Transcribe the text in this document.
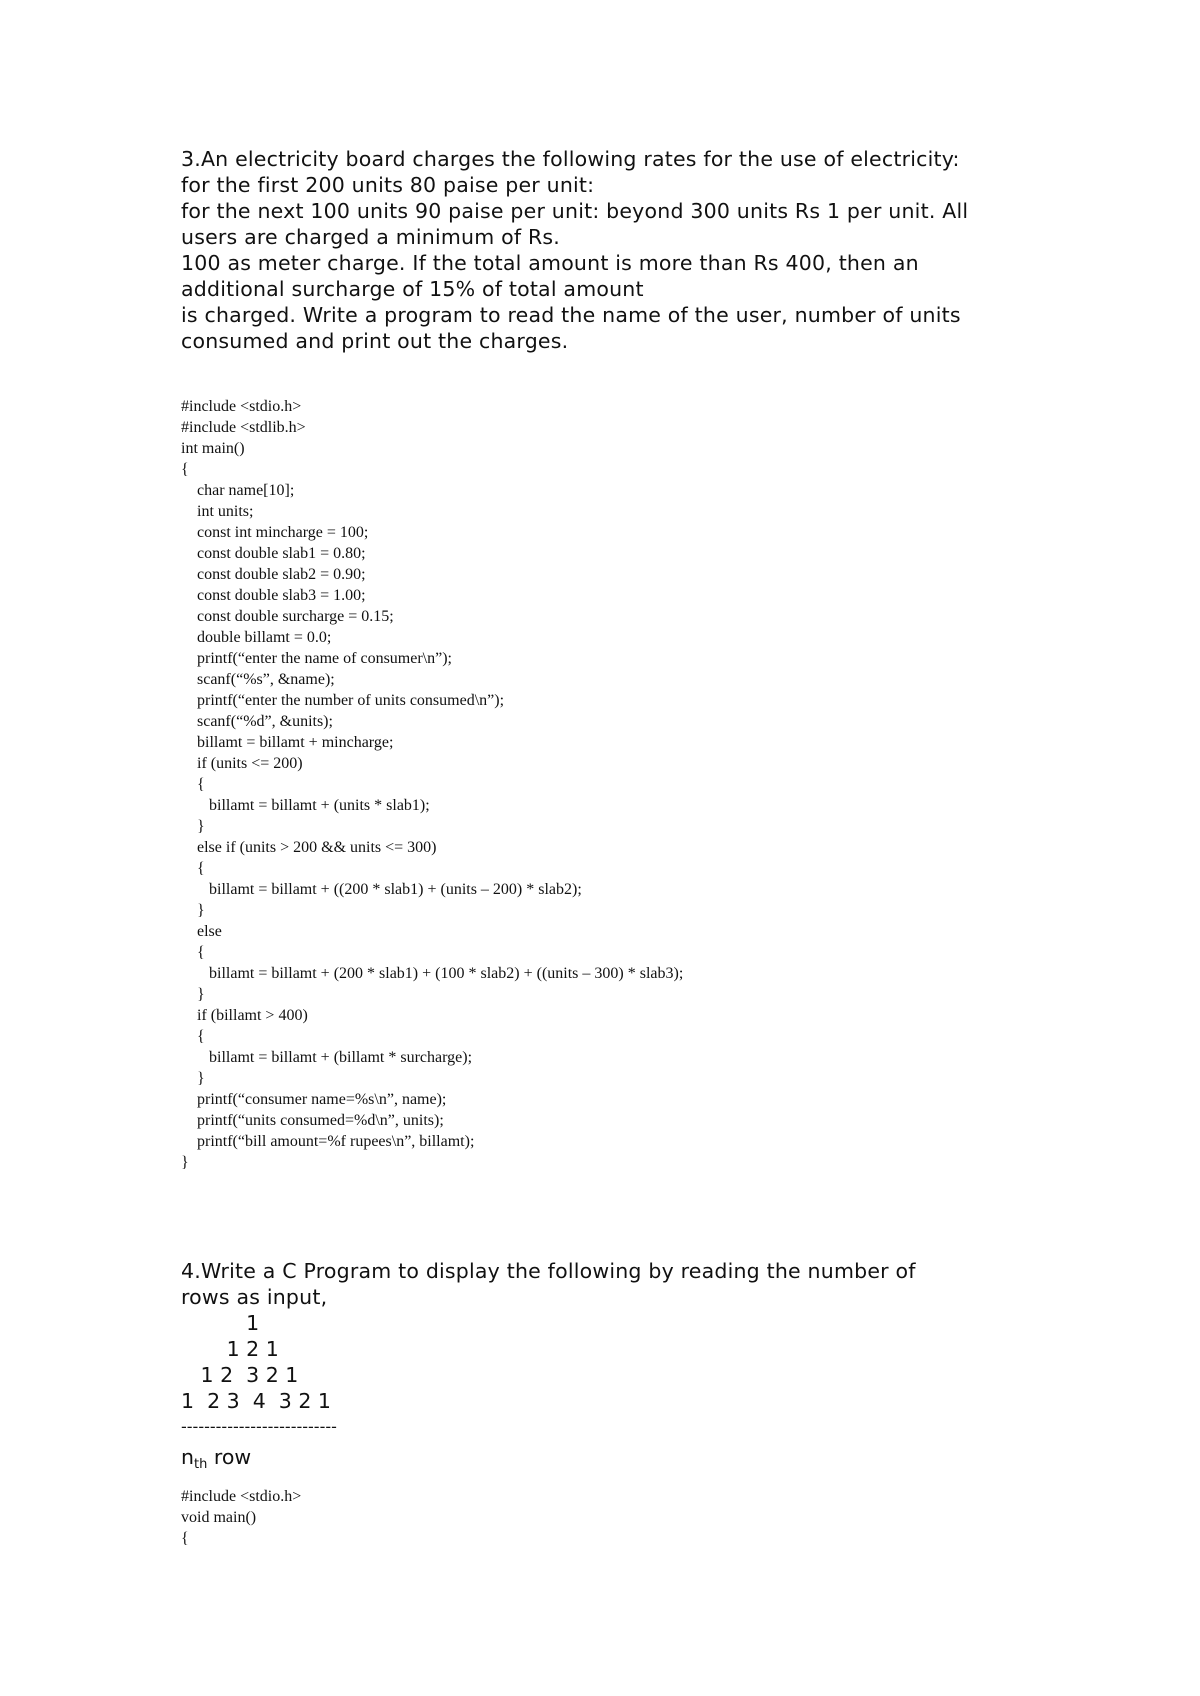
3.An electricity board charges the following rates for the use of electricity:

for the first 200 units 80 paise per unit:

for the next 100 units 90 paise per unit: beyond 300 units Rs 1 per unit. All

users are charged a minimum of Rs.

100 as meter charge. If the total amount is more than Rs 400, then an

additional surcharge of 15% of total amount

is charged. Write a program to read the name of the user, number of units

consumed and print out the charges.

#include <stdio.h>
#include <stdlib.h>
int main()
{
char name[10];
int units;
const int mincharge = 100;
const double slab1 = 0.80;
const double slab2 = 0.90;
const double slab3 = 1.00;
const double surcharge = 0.15;
double billamt = 0.0;
printf(“enter the name of consumer\n”);
scanf(“%s”, &name);
printf(“enter the number of units consumed\n”);
scanf(“%d”, &units);
billamt = billamt + mincharge;
if (units <= 200)
{
billamt = billamt + (units * slab1);
}
else if (units > 200 && units <= 300)
{
billamt = billamt + ((200 * slab1) + (units – 200) * slab2);
}
else
{
billamt = billamt + (200 * slab1) + (100 * slab2) + ((units – 300) * slab3);
}
if (billamt > 400)
{
billamt = billamt + (billamt * surcharge);
}
printf(“consumer name=%s\n”, name);
printf(“units consumed=%d\n”, units);
printf(“bill amount=%f rupees\n”, billamt);
}

4.Write a C Program to display the following by reading the number of

rows as input,

1
1 2 1
1 2  3 2 1
1  2 3  4  3 2 1
---------------------------
nth row
#include <stdio.h>
void main()
{
